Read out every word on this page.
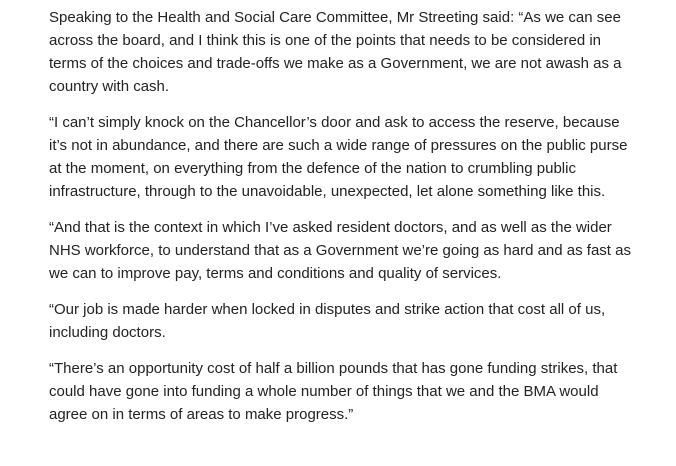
Speaking to the Health and Social Care Committee, Mr Streeting said: “As we can see across the board, and I think this is one of the points that needs to be considered in terms of the choices and trade-offs we make as a Government, we are not awash as a country with cash.

“I can’t simply knock on the Chancellor’s door and ask to access the reserve, because it’s not in abundance, and there are such a wide range of pressures on the public purse at the moment, on everything from the defence of the nation to crumbling public infrastructure, through to the unavoidable, unexpected, let alone something like this.

“And that is the context in which I’ve asked resident doctors, and as well as the wider NHS workforce, to understand that as a Government we’re going as hard and as fast as we can to improve pay, terms and conditions and quality of services.

“Our job is made harder when locked in disputes and strike action that cost all of us, including doctors.

“There’s an opportunity cost of half a billion pounds that has gone funding strikes, that could have gone into funding a whole number of things that we and the BMA would agree on in terms of areas to make progress.”
